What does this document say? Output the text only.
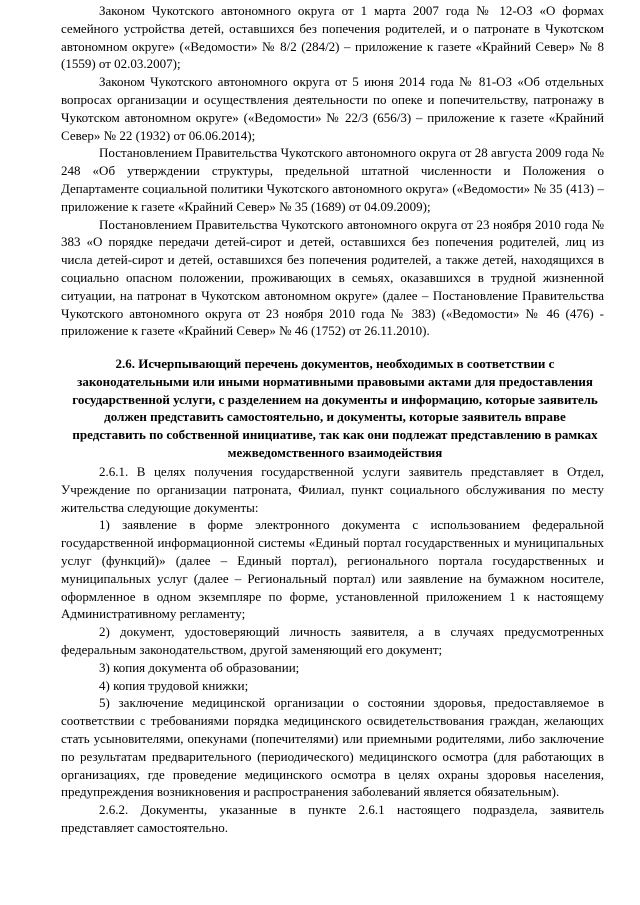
Законом Чукотского автономного округа от 1 марта 2007 года № 12-ОЗ «О формах семейного устройства детей, оставшихся без попечения родителей, и о патронате в Чукотском автономном округе» («Ведомости» № 8/2 (284/2) – приложение к газете «Крайний Север» № 8 (1559) от 02.03.2007);

Законом Чукотского автономного округа от 5 июня 2014 года № 81-ОЗ «Об отдельных вопросах организации и осуществления деятельности по опеке и попечительству, патронажу в Чукотском автономном округе» («Ведомости» № 22/3 (656/3) – приложение к газете «Крайний Север» № 22 (1932) от 06.06.2014);

Постановлением Правительства Чукотского автономного округа от 28 августа 2009 года № 248 «Об утверждении структуры, предельной штатной численности и Положения о Департаменте социальной политики Чукотского автономного округа» («Ведомости» № 35 (413) – приложение к газете «Крайний Север» № 35 (1689) от 04.09.2009);

Постановлением Правительства Чукотского автономного округа от 23 ноября 2010 года № 383 «О порядке передачи детей-сирот и детей, оставшихся без попечения родителей, лиц из числа детей-сирот и детей, оставшихся без попечения родителей, а также детей, находящихся в социально опасном положении, проживающих в семьях, оказавшихся в трудной жизненной ситуации, на патронат в Чукотском автономном округе» (далее – Постановление Правительства Чукотского автономного округа от 23 ноября 2010 года № 383) («Ведомости» № 46 (476) - приложение к газете «Крайний Север» № 46 (1752) от 26.11.2010).

2.6. Исчерпывающий перечень документов, необходимых в соответствии с законодательными или иными нормативными правовыми актами для предоставления государственной услуги, с разделением на документы и информацию, которые заявитель должен представить самостоятельно, и документы, которые заявитель вправе представить по собственной инициативе, так как они подлежат представлению в рамках межведомственного взаимодействия

2.6.1. В целях получения государственной услуги заявитель представляет в Отдел, Учреждение по организации патроната, Филиал, пункт социального обслуживания по месту жительства следующие документы:

1) заявление в форме электронного документа с использованием федеральной государственной информационной системы «Единый портал государственных и муниципальных услуг (функций)» (далее – Единый портал), регионального портала государственных и муниципальных услуг (далее – Региональный портал) или заявление на бумажном носителе, оформленное в одном экземпляре по форме, установленной приложением 1 к настоящему Административному регламенту;

2) документ, удостоверяющий личность заявителя, а в случаях предусмотренных федеральным законодательством, другой заменяющий его документ;

3) копия документа об образовании;

4) копия трудовой книжки;

5) заключение медицинской организации о состоянии здоровья, предоставляемое в соответствии с требованиями порядка медицинского освидетельствования граждан, желающих стать усыновителями, опекунами (попечителями) или приемными родителями, либо заключение по результатам предварительного (периодического) медицинского осмотра (для работающих в организациях, где проведение медицинского осмотра в целях охраны здоровья населения, предупреждения возникновения и распространения заболеваний является обязательным).

2.6.2. Документы, указанные в пункте 2.6.1 настоящего подраздела, заявитель представляет самостоятельно.
